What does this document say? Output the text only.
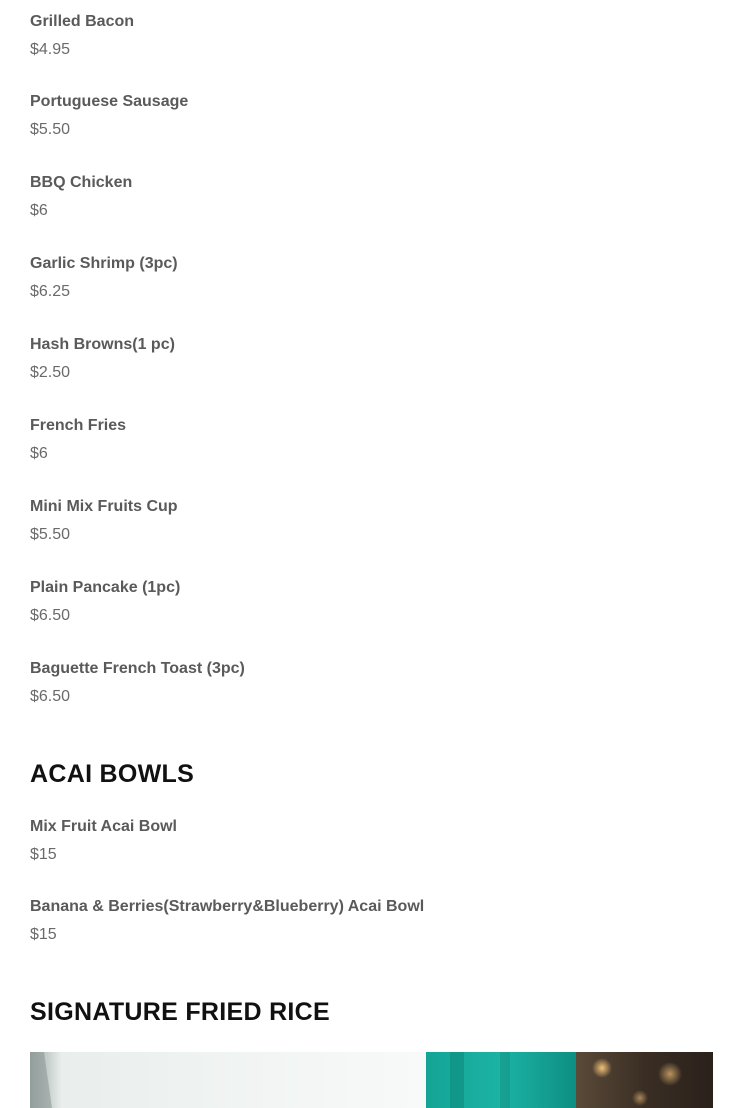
Grilled Bacon
$4.95
Portuguese Sausage
$5.50
BBQ Chicken
$6
Garlic Shrimp (3pc)
$6.25
Hash Browns(1 pc)
$2.50
French Fries
$6
Mini Mix Fruits Cup
$5.50
Plain Pancake (1pc)
$6.50
Baguette French Toast (3pc)
$6.50
ACAI BOWLS
Mix Fruit Acai Bowl
$15
Banana & Berries(Strawberry&Blueberry) Acai Bowl
$15
SIGNATURE FRIED RICE
